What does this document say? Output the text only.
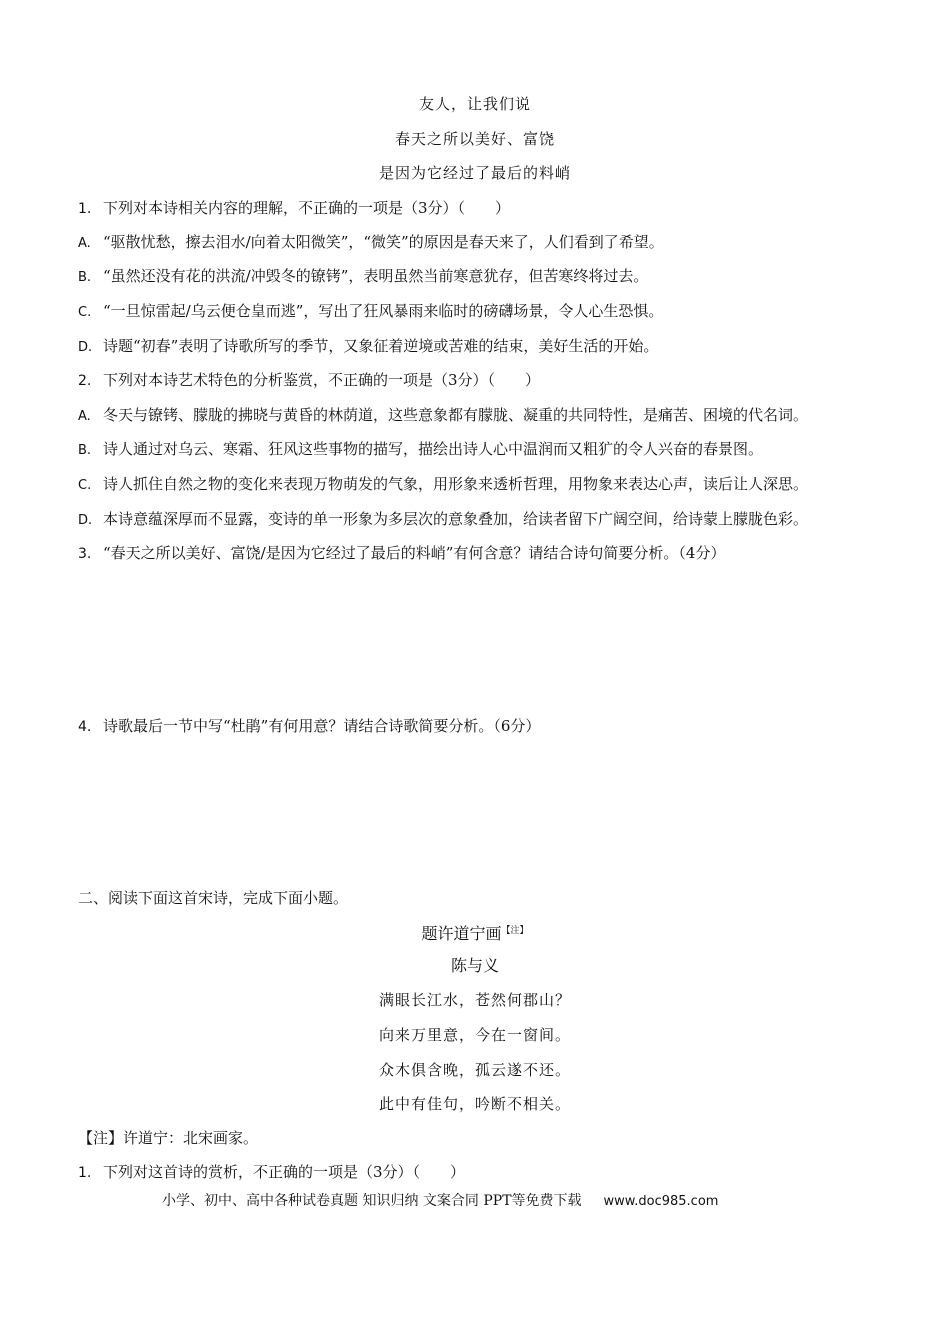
友人，让我们说
春天之所以美好、富饶
是因为它经过了最后的料峭
1. 下列对本诗相关内容的理解，不正确的一项是（3分）（　　）
A. “驱散忧愁，擦去泪水/向着太阳微笑”，“微笑”的原因是春天来了，人们看到了希望。
B. “虽然还没有花的洪流/冲毁冬的镣铐”，表明虽然当前寒意犹存，但苦寒终将过去。
C. “一旦惊雷起/乌云便仓皇而逃”，写出了狂风暴雨来临时的磅礴场景，令人心生恐惧。
D. 诗题“初春”表明了诗歌所写的季节，又象征着逆境或苦难的结束，美好生活的开始。
2. 下列对本诗艺术特色的分析鉴赏，不正确的一项是（3分）（　　）
A. 冬天与镣铐、朦胧的拂晓与黄昏的林荫道，这些意象都有朦胧、凝重的共同特性，是痛苦、困境的代名词。
B. 诗人通过对乌云、寒霜、狂风这些事物的描写，描绘出诗人心中温润而又粗犷的令人兴奋的春景图。
C. 诗人抓住自然之物的变化来表现万物萌发的气象，用形象来透析哲理，用物象来表达心声，读后让人深思。
D. 本诗意蕴深厚而不显露，变诗的单一形象为多层次的意象叠加，给读者留下广阔空间，给诗蒙上朦胧色彩。
3. “春天之所以美好、富饶/是因为它经过了最后的料峭”有何含意？请结合诗句简要分析。（4分）
4. 诗歌最后一节中写“杜鹃”有何用意？请结合诗歌简要分析。（6分）
二、阅读下面这首宋诗，完成下面小题。
题许道宁画$^{【注】}$
陈与义
满眼长江水，苍然何郡山？
向来万里意，今在一窗间。
众木俱含晚，孤云遂不还。
此中有佳句，吟断不相关。
【注】许道宁：北宋画家。
1. 下列对这首诗的赏析，不正确的一项是（3分）（　　）
小学、初中、高中各种试卷真题 知识归纳 文案合同 PPT等免费下载 www.doc985.com
